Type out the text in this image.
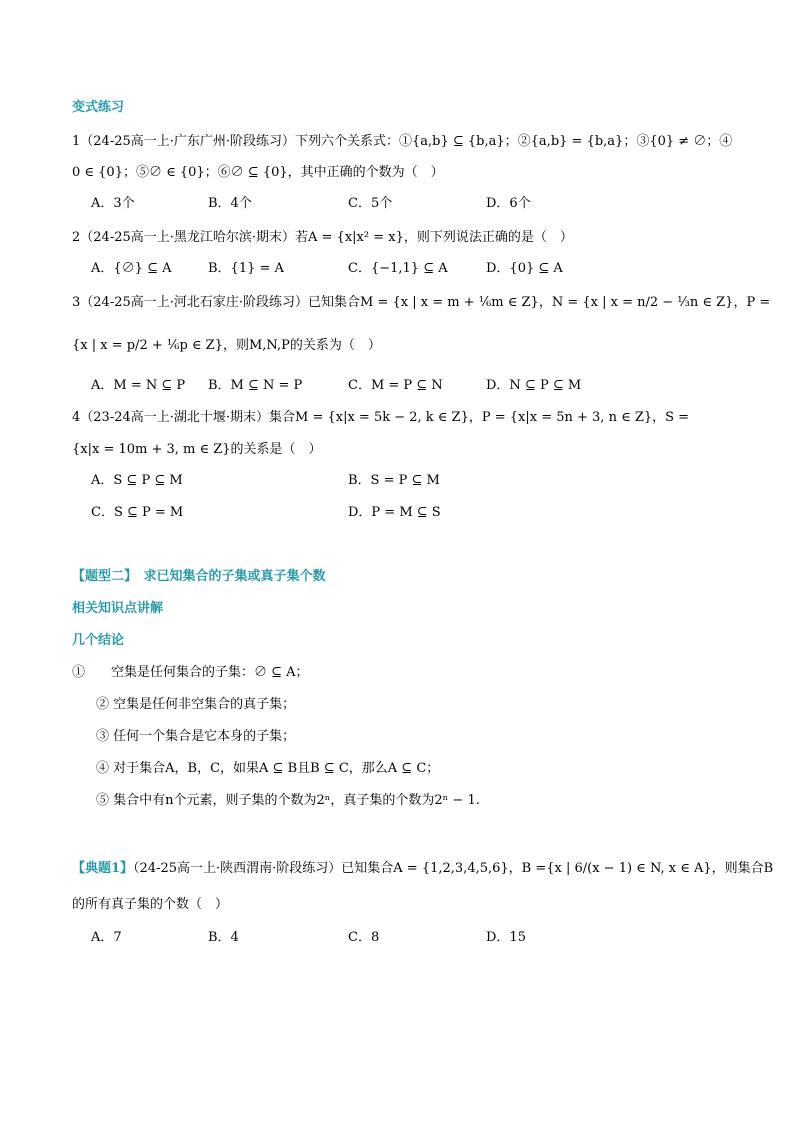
变式练习
1（24-25高一上·广东广州·阶段练习）下列六个关系式：①{a,b} ⊆ {b,a}；②{a,b} = {b,a}；③{0} ≠ ∅；④
0 ∈ {0}；⑤∅ ∈ {0}；⑥∅ ⊆ {0}，其中正确的个数为（　）
A．3个	B．4个	C．5个	D．6个
2（24-25高一上·黑龙江哈尔滨·期末）若A = {x|x² = x}，则下列说法正确的是（　）
A．{∅} ⊆ A	B．{1} = A	C．{−1,1} ⊆ A	D．{0} ⊆ A
3（24-25高一上·河北石家庄·阶段练习）已知集合M = {x | x = m + ⅙m ∈ Z}，N = {x | x = n/2 − ⅓n ∈ Z}，P =
{x | x = p/2 + ⅙p ∈ Z}，则M,N,P的关系为（　）
A．M = N ⊆ P B．M ⊆ N = P	C．M = P ⊆ N	D．N ⊆ P ⊆ M
4（23-24高一上·湖北十堰·期末）集合M = {x|x = 5k − 2, k ∈ Z}，P = {x|x = 5n + 3, n ∈ Z}，S =
{x|x = 10m + 3, m ∈ Z}的关系是（　）
A．S ⊆ P ⊆ M	B．S = P ⊆ M
C．S ⊆ P = M	D．P = M ⊆ S
【题型二】　求已知集合的子集或真子集个数
相关知识点讲解
几个结论
①　　空集是任何集合的子集：∅ ⊆ A；
② 空集是任何非空集合的真子集；
③ 任何一个集合是它本身的子集；
④ 对于集合A，B，C，如果A ⊆ B且B ⊆ C，那么A ⊆ C；
⑤ 集合中有n个元素，则子集的个数为2ⁿ，真子集的个数为2ⁿ − 1.
【典题1】（24-25高一上·陕西渭南·阶段练习）已知集合A = {1,2,3,4,5,6}，B ={x | 6/(x − 1) ∈ N, x ∈ A}，则集合B
的所有真子集的个数（　）
A．7	B．4	C．8	D．15
